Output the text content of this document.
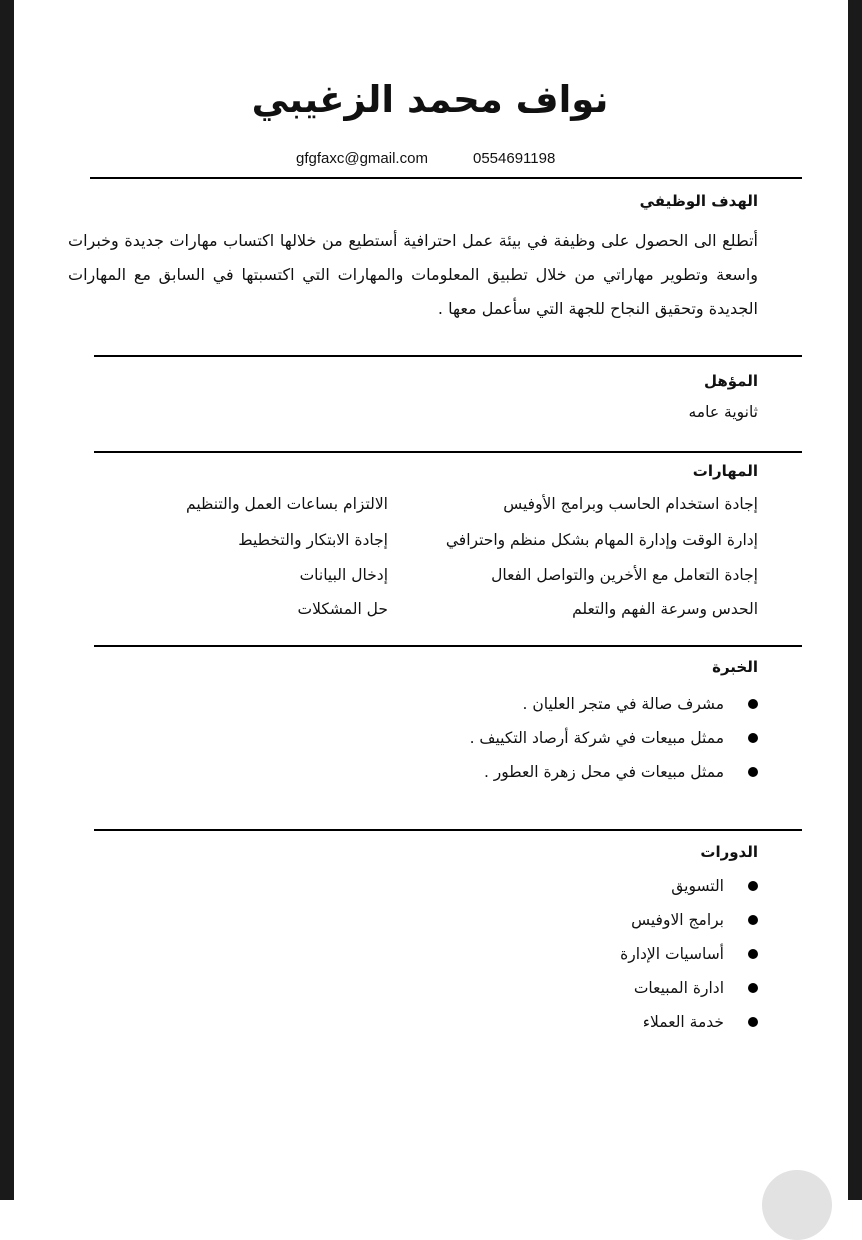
نواف محمد الزغيبي
0554691198
gfgfaxc@gmail.com
الهدف الوظيفي
أتطلع الى الحصول على وظيفة في بيئة عمل احترافية أستطيع من خلالها اكتساب مهارات جديدة وخبرات واسعة وتطوير مهاراتي من خلال تطبيق المعلومات والمهارات التي اكتسبتها في السابق مع المهارات الجديدة وتحقيق النجاح للجهة التي سأعمل معها .
المؤهل
ثانوية عامه
المهارات
إجادة استخدام الحاسب وبرامج الأوفيس
إدارة الوقت وإدارة المهام بشكل منظم واحترافي
إجادة التعامل مع الأخرين والتواصل الفعال
الحدس وسرعة الفهم والتعلم
الالتزام بساعات العمل والتنظيم
إجادة الابتكار والتخطيط
إدخال البيانات
حل المشكلات
الخبرة
مشرف صالة في متجر العليان .
ممثل مبيعات في شركة أرصاد التكييف .
ممثل مبيعات في محل زهرة العطور .
الدورات
التسويق
برامج الاوفيس
أساسيات الإدارة
ادارة المبيعات
خدمة العملاء
